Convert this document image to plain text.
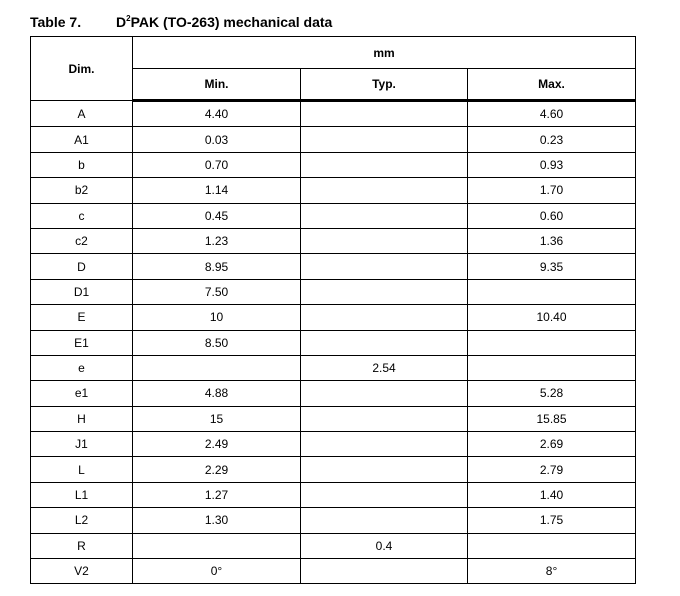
Table 7. $D^2PAK$ (TO-263) mechanical data
Dim.	mm		
	Min.	Typ.	Max.
A	4.40		4.60
A1	0.03		0.23
b	0.70		0.93
b2	1.14		1.70
c	0.45		0.60
c2	1.23		1.36
D	8.95		9.35
D1	7.50		
E	10		10.40
E1	8.50		
e		2.54	
e1	4.88		5.28
H	15		15.85
J1	2.49		2.69
L	2.29		2.79
L1	1.27		1.40
L2	1.30		1.75
R		0.4	
V2	0°		8°
